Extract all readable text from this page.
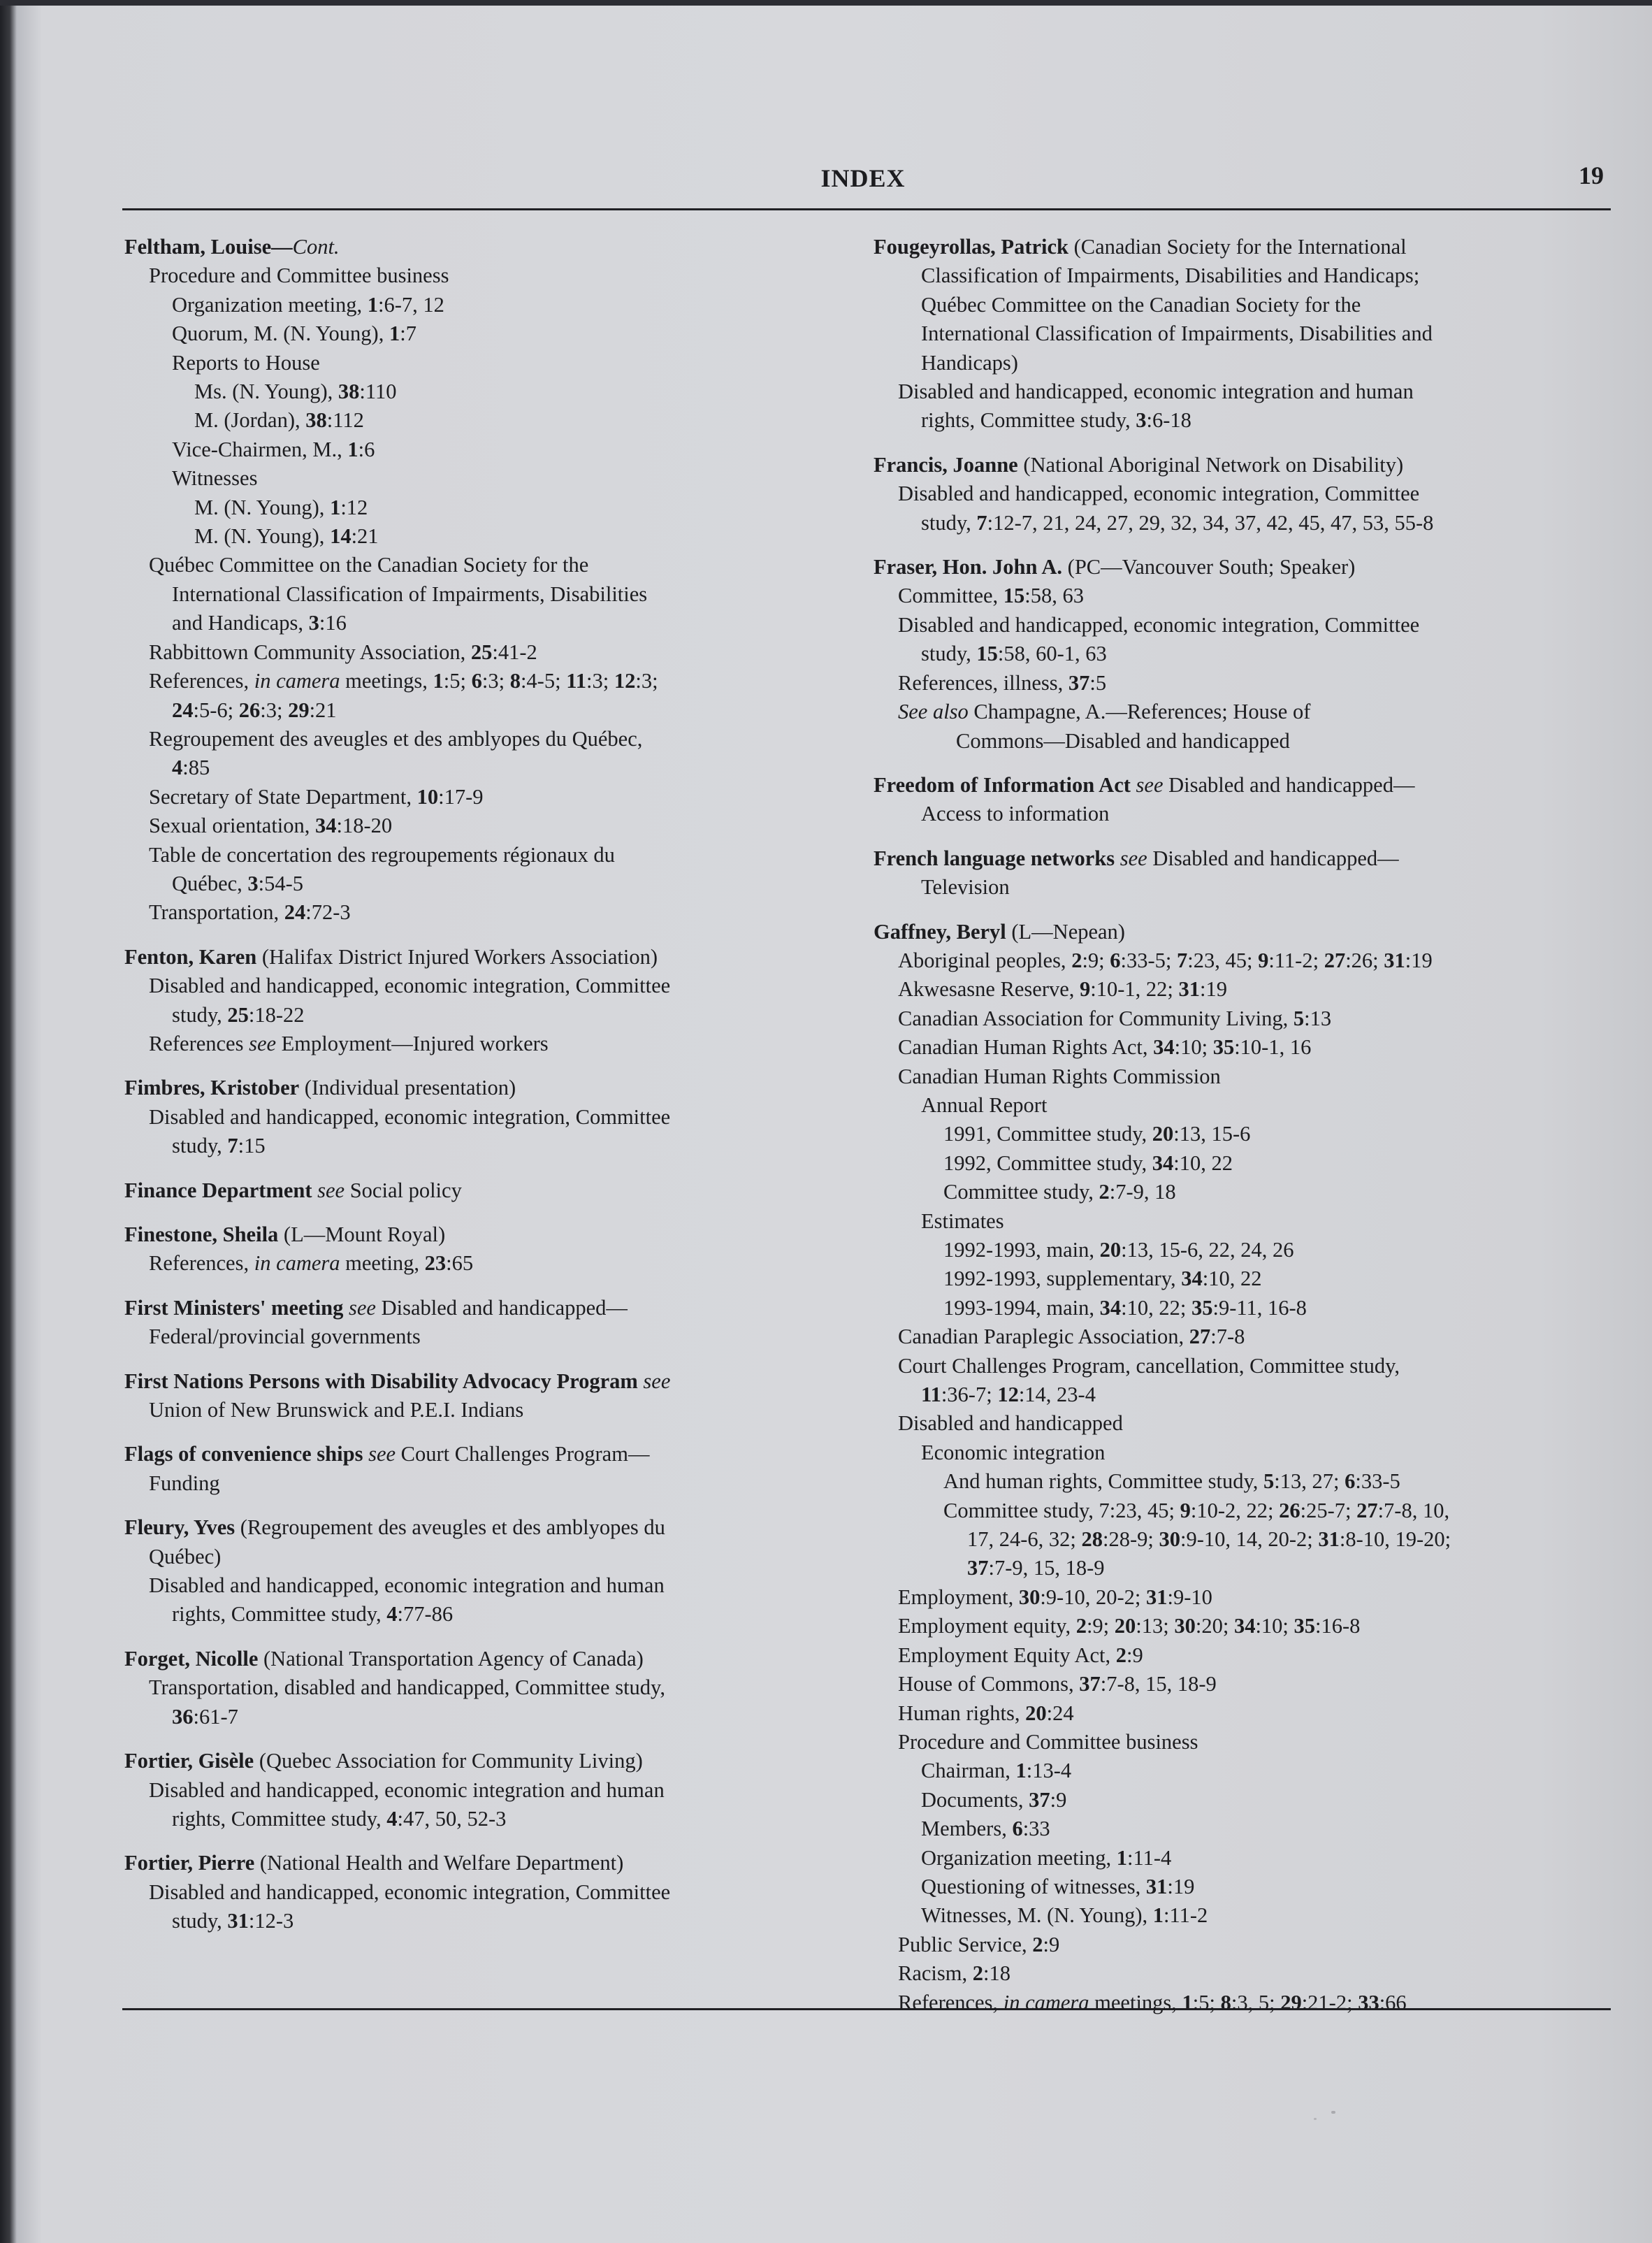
INDEX	19
Feltham, Louise—Cont.
Procedure and Committee business
Organization meeting, 1:6-7, 12
Quorum, M. (N. Young), 1:7
Reports to House
Ms. (N. Young), 38:110
M. (Jordan), 38:112
Vice-Chairmen, M., 1:6
Witnesses
M. (N. Young), 1:12
M. (N. Young), 14:21
Québec Committee on the Canadian Society for the
International Classification of Impairments, Disabilities
and Handicaps, 3:16
Rabbittown Community Association, 25:41-2
References, in camera meetings, 1:5; 6:3; 8:4-5; 11:3; 12:3;
24:5-6; 26:3; 29:21
Regroupement des aveugles et des amblyopes du Québec,
4:85
Secretary of State Department, 10:17-9
Sexual orientation, 34:18-20
Table de concertation des regroupements régionaux du
Québec, 3:54-5
Transportation, 24:72-3
Fenton, Karen (Halifax District Injured Workers Association)
Disabled and handicapped, economic integration, Committee
study, 25:18-22
References see Employment—Injured workers
Fimbres, Kristober (Individual presentation)
Disabled and handicapped, economic integration, Committee
study, 7:15
Finance Department see Social policy
Finestone, Sheila (L—Mount Royal)
References, in camera meeting, 23:65
First Ministers' meeting see Disabled and handicapped—
Federal/provincial governments
First Nations Persons with Disability Advocacy Program see
Union of New Brunswick and P.E.I. Indians
Flags of convenience ships see Court Challenges Program—
Funding
Fleury, Yves (Regroupement des aveugles et des amblyopes du
Québec)
Disabled and handicapped, economic integration and human
rights, Committee study, 4:77-86
Forget, Nicolle (National Transportation Agency of Canada)
Transportation, disabled and handicapped, Committee study,
36:61-7
Fortier, Gisèle (Quebec Association for Community Living)
Disabled and handicapped, economic integration and human
rights, Committee study, 4:47, 50, 52-3
Fortier, Pierre (National Health and Welfare Department)
Disabled and handicapped, economic integration, Committee
study, 31:12-3
Fougeyrollas, Patrick (Canadian Society for the International
Classification of Impairments, Disabilities and Handicaps;
Québec Committee on the Canadian Society for the
International Classification of Impairments, Disabilities and
Handicaps)
Disabled and handicapped, economic integration and human
rights, Committee study, 3:6-18
Francis, Joanne (National Aboriginal Network on Disability)
Disabled and handicapped, economic integration, Committee
study, 7:12-7, 21, 24, 27, 29, 32, 34, 37, 42, 45, 47, 53, 55-8
Fraser, Hon. John A. (PC—Vancouver South; Speaker)
Committee, 15:58, 63
Disabled and handicapped, economic integration, Committee
study, 15:58, 60-1, 63
References, illness, 37:5
See also Champagne, A.—References; House of
Commons—Disabled and handicapped
Freedom of Information Act see Disabled and handicapped—
Access to information
French language networks see Disabled and handicapped—
Television
Gaffney, Beryl (L—Nepean)
Aboriginal peoples, 2:9; 6:33-5; 7:23, 45; 9:11-2; 27:26; 31:19
Akwesasne Reserve, 9:10-1, 22; 31:19
Canadian Association for Community Living, 5:13
Canadian Human Rights Act, 34:10; 35:10-1, 16
Canadian Human Rights Commission
Annual Report
1991, Committee study, 20:13, 15-6
1992, Committee study, 34:10, 22
Committee study, 2:7-9, 18
Estimates
1992-1993, main, 20:13, 15-6, 22, 24, 26
1992-1993, supplementary, 34:10, 22
1993-1994, main, 34:10, 22; 35:9-11, 16-8
Canadian Paraplegic Association, 27:7-8
Court Challenges Program, cancellation, Committee study,
11:36-7; 12:14, 23-4
Disabled and handicapped
Economic integration
And human rights, Committee study, 5:13, 27; 6:33-5
Committee study, 7:23, 45; 9:10-2, 22; 26:25-7; 27:7-8, 10,
17, 24-6, 32; 28:28-9; 30:9-10, 14, 20-2; 31:8-10, 19-20;
37:7-9, 15, 18-9
Employment, 30:9-10, 20-2; 31:9-10
Employment equity, 2:9; 20:13; 30:20; 34:10; 35:16-8
Employment Equity Act, 2:9
House of Commons, 37:7-8, 15, 18-9
Human rights, 20:24
Procedure and Committee business
Chairman, 1:13-4
Documents, 37:9
Members, 6:33
Organization meeting, 1:11-4
Questioning of witnesses, 31:19
Witnesses, M. (N. Young), 1:11-2
Public Service, 2:9
Racism, 2:18
References, in camera meetings, 1:5; 8:3, 5; 29:21-2; 33:66
